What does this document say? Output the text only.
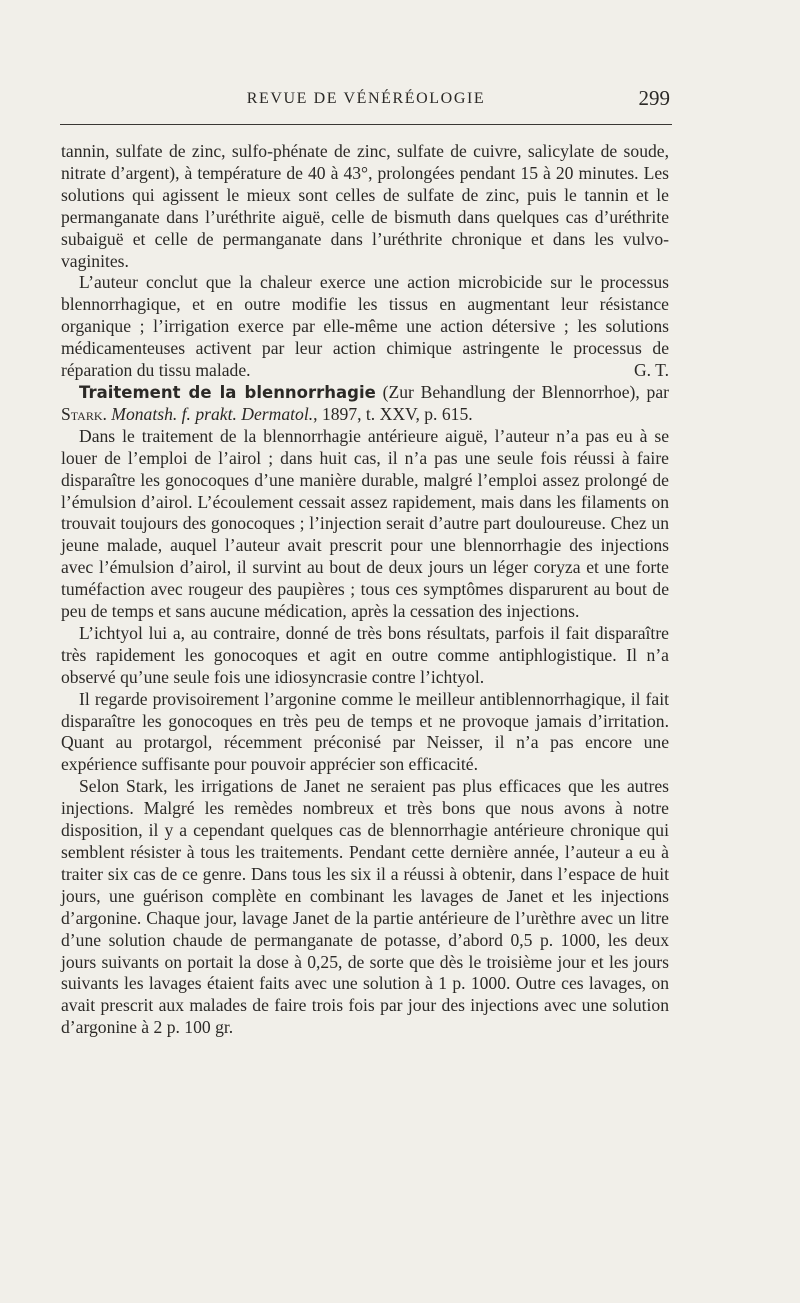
REVUE DE VÉNÉRÉOLOGIE	299

tannin, sulfate de zinc, sulfo-phénate de zinc, sulfate de cuivre, salicylate de soude, nitrate d’argent), à température de 40 à 43°, prolongées pendant 15 à 20 minutes. Les solutions qui agissent le mieux sont celles de sulfate de zinc, puis le tannin et le permanganate dans l’uréthrite aiguë, celle de bismuth dans quelques cas d’uréthrite subaiguë et celle de permanganate dans l’uréthrite chronique et dans les vulvo-vaginites.

L’auteur conclut que la chaleur exerce une action microbicide sur le processus blennorrhagique, et en outre modifie les tissus en augmentant leur résistance organique ; l’irrigation exerce par elle-même une action détersive ; les solutions médicamenteuses activent par leur action chimique astringente le processus de réparation du tissu malade.	G. T.

Traitement de la blennorrhagie (Zur Behandlung der Blennorrhoe), par Stark. Monatsh. f. prakt. Dermatol., 1897, t. XXV, p. 615.

Dans le traitement de la blennorrhagie antérieure aiguë, l’auteur n’a pas eu à se louer de l’emploi de l’airol ; dans huit cas, il n’a pas une seule fois réussi à faire disparaître les gonocoques d’une manière durable, malgré l’emploi assez prolongé de l’émulsion d’airol. L’écoulement cessait assez rapidement, mais dans les filaments on trouvait toujours des gonocoques ; l’injection serait d’autre part douloureuse. Chez un jeune malade, auquel l’auteur avait prescrit pour une blennorrhagie des injections avec l’émulsion d’airol, il survint au bout de deux jours un léger coryza et une forte tuméfaction avec rougeur des paupières ; tous ces symptômes disparurent au bout de peu de temps et sans aucune médication, après la cessation des injections.

L’ichtyol lui a, au contraire, donné de très bons résultats, parfois il fait disparaître très rapidement les gonocoques et agit en outre comme antiphlogistique. Il n’a observé qu’une seule fois une idiosyncrasie contre l’ichtyol.

Il regarde provisoirement l’argonine comme le meilleur antiblennorrhagique, il fait disparaître les gonocoques en très peu de temps et ne provoque jamais d’irritation. Quant au protargol, récemment préconisé par Neisser, il n’a pas encore une expérience suffisante pour pouvoir apprécier son efficacité.

Selon Stark, les irrigations de Janet ne seraient pas plus efficaces que les autres injections. Malgré les remèdes nombreux et très bons que nous avons à notre disposition, il y a cependant quelques cas de blennorrhagie antérieure chronique qui semblent résister à tous les traitements. Pendant cette dernière année, l’auteur a eu à traiter six cas de ce genre. Dans tous les six il a réussi à obtenir, dans l’espace de huit jours, une guérison complète en combinant les lavages de Janet et les injections d’argonine. Chaque jour, lavage Janet de la partie antérieure de l’urèthre avec un litre d’une solution chaude de permanganate de potasse, d’abord 0,5 p. 1000, les deux jours suivants on portait la dose à 0,25, de sorte que dès le troisième jour et les jours suivants les lavages étaient faits avec une solution à 1 p. 1000. Outre ces lavages, on avait prescrit aux malades de faire trois fois par jour des injections avec une solution d’argonine à 2 p. 100 gr.
